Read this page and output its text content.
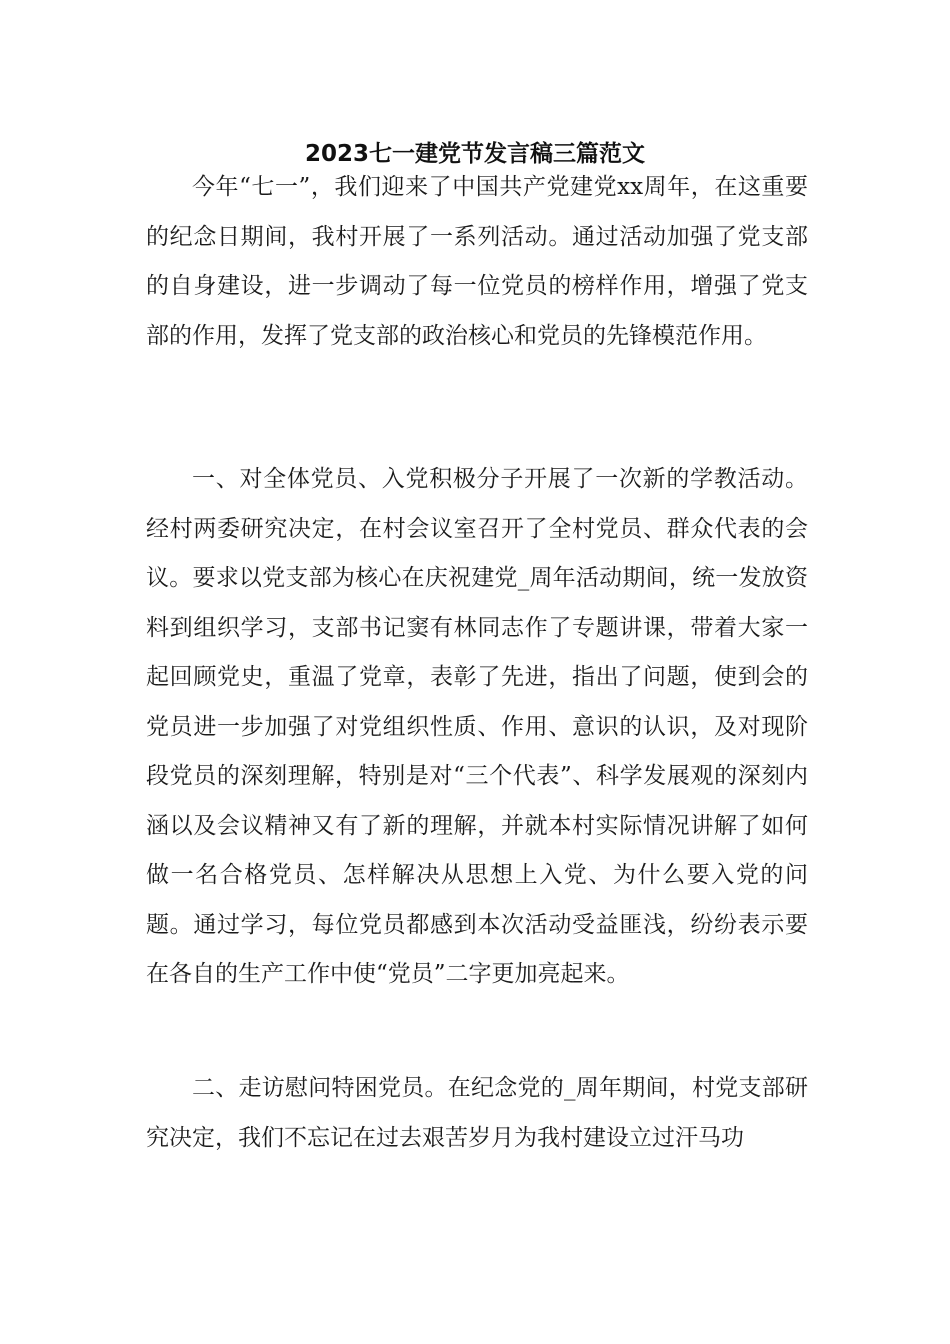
2023七一建党节发言稿三篇范文

今年“七一”，我们迎来了中国共产党建党xx周年，在这重要的纪念日期间，我村开展了一系列活动。通过活动加强了党支部的自身建设，进一步调动了每一位党员的榜样作用，增强了党支部的作用，发挥了党支部的政治核心和党员的先锋模范作用。

一、对全体党员、入党积极分子开展了一次新的学教活动。经村两委研究决定，在村会议室召开了全村党员、群众代表的会议。要求以党支部为核心在庆祝建党_周年活动期间，统一发放资料到组织学习，支部书记窦有林同志作了专题讲课，带着大家一起回顾党史，重温了党章，表彰了先进，指出了问题，使到会的党员进一步加强了对党组织性质、作用、意识的认识，及对现阶段党员的深刻理解，特别是对“三个代表”、科学发展观的深刻内涵以及会议精神又有了新的理解，并就本村实际情况讲解了如何做一名合格党员、怎样解决从思想上入党、为什么要入党的问题。通过学习，每位党员都感到本次活动受益匪浅，纷纷表示要在各自的生产工作中使“党员”二字更加亮起来。

二、走访慰问特困党员。在纪念党的_周年期间，村党支部研究决定，我们不忘记在过去艰苦岁月为我村建设立过汗马功
